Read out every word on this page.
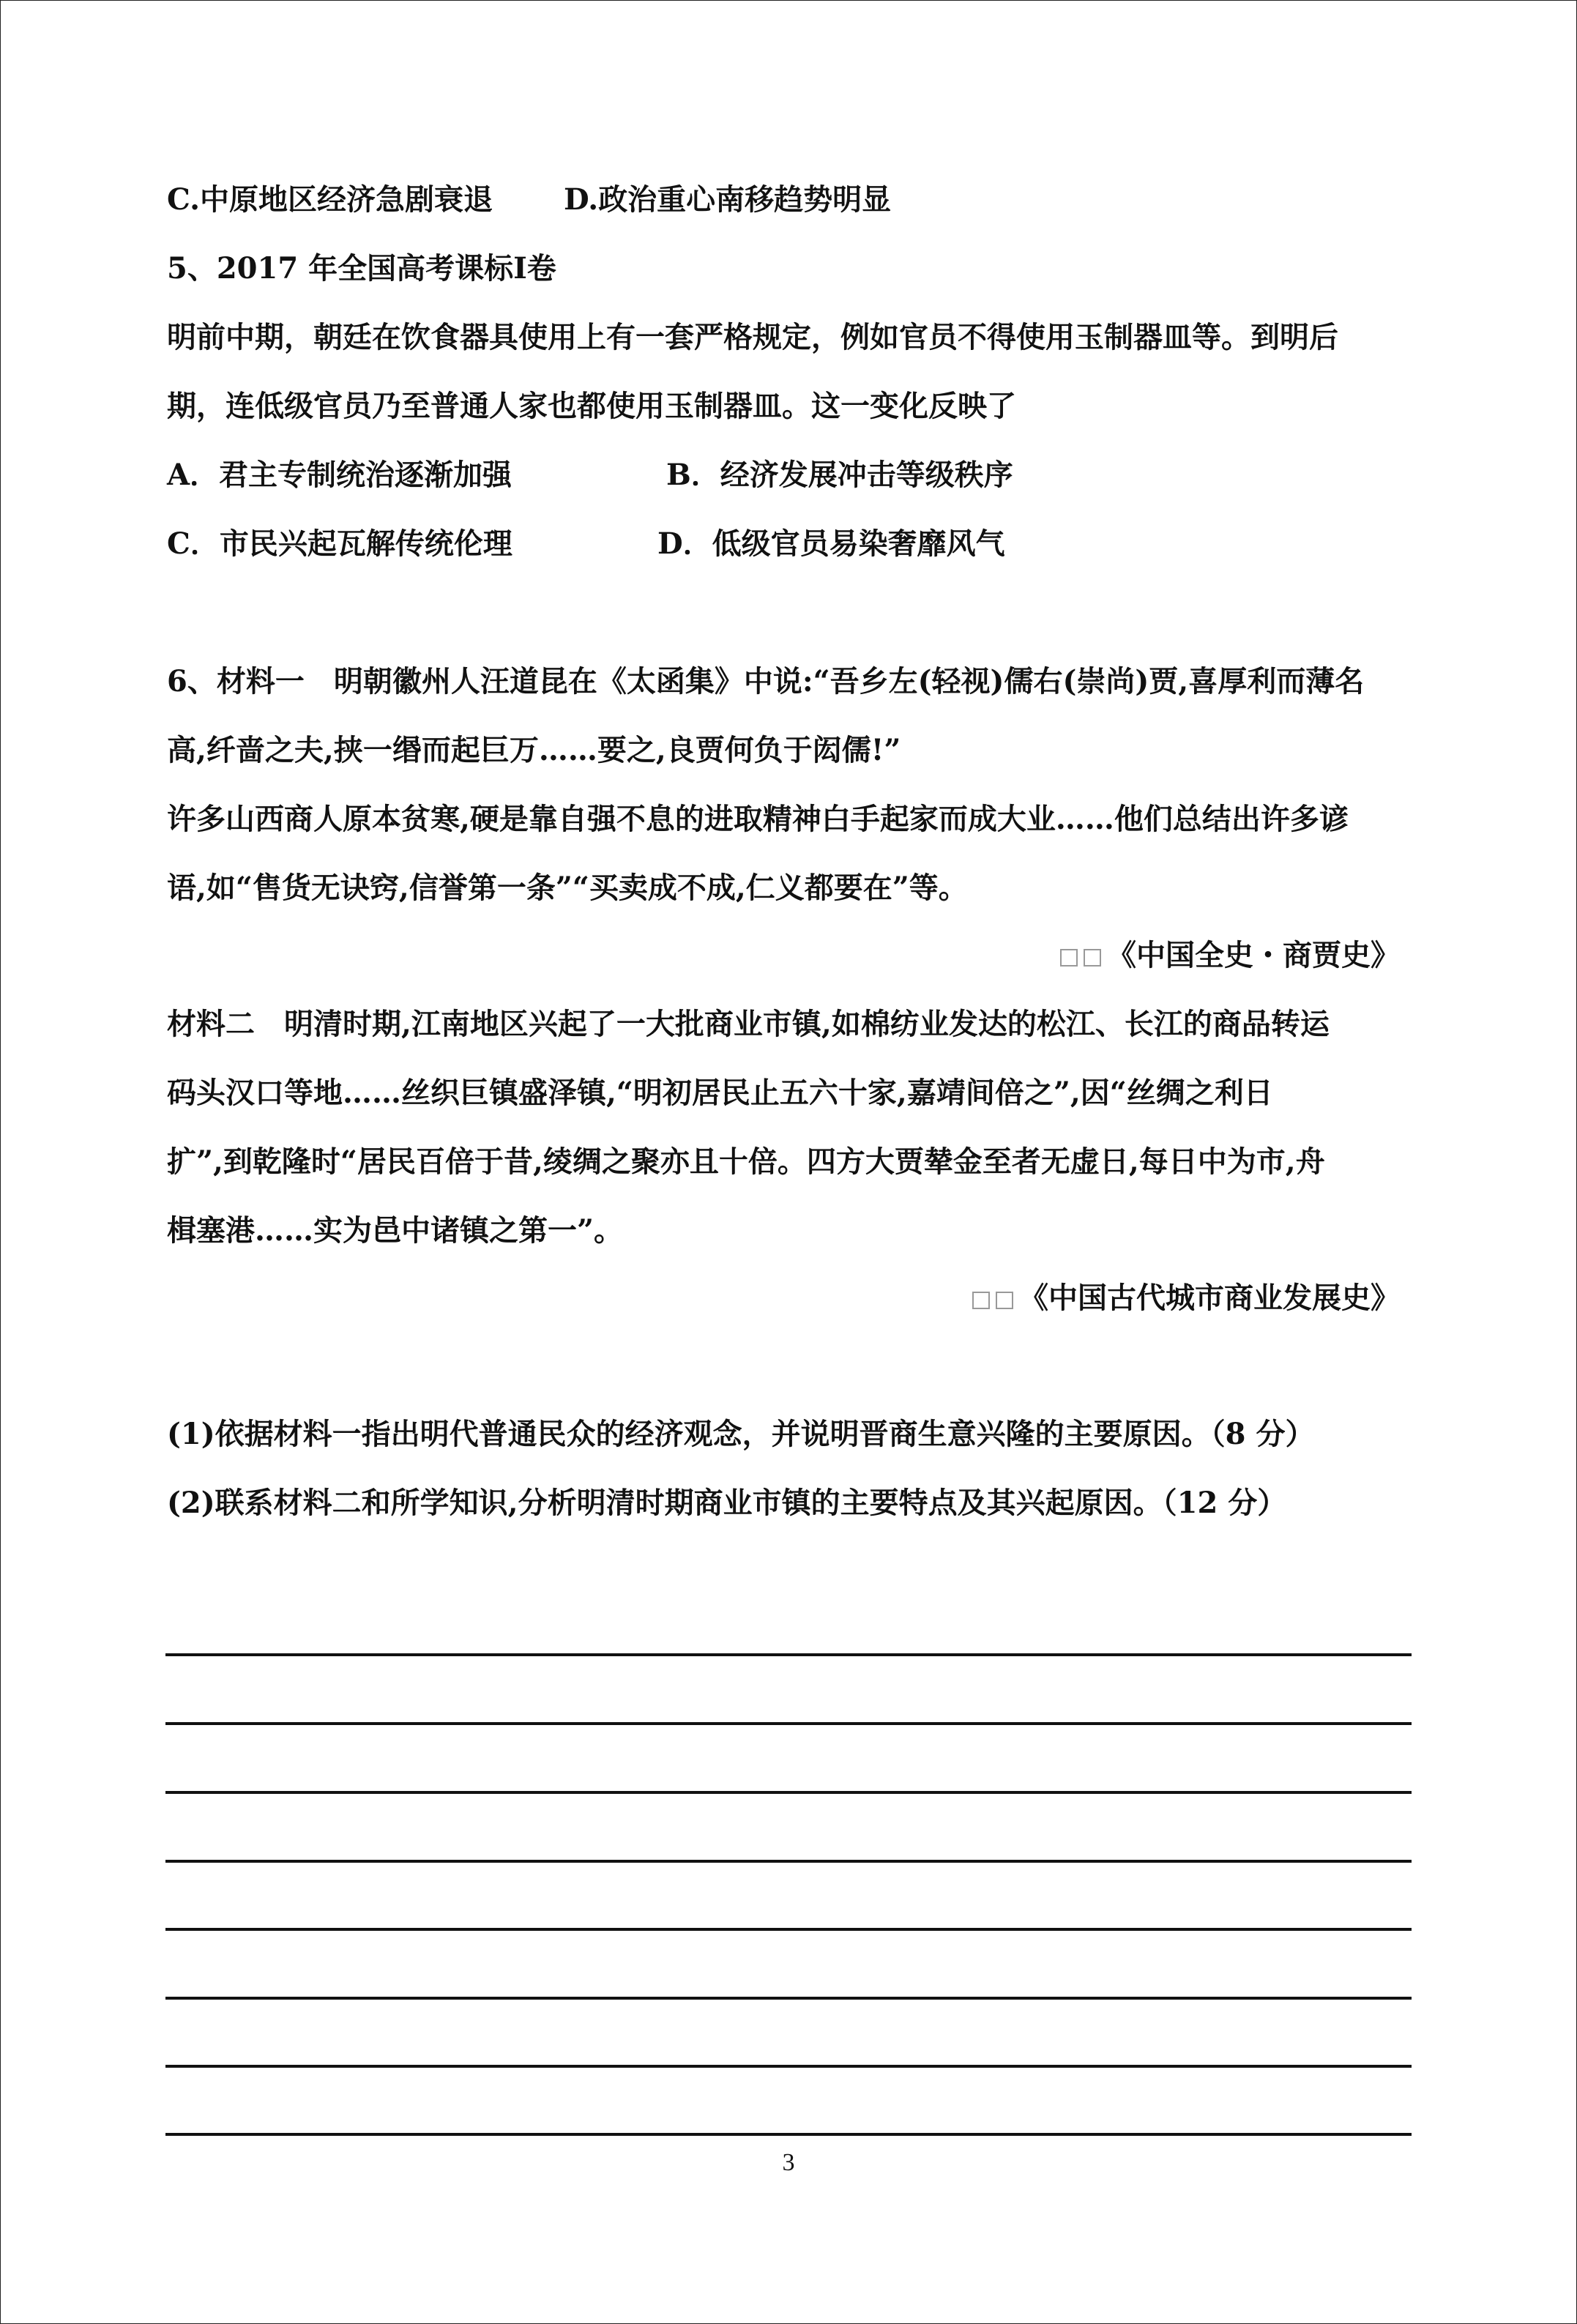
C.中原地区经济急剧衰退 D.政治重心南移趋势明显
5、2017 年全国高考课标Ⅰ卷
明前中期，朝廷在饮食器具使用上有一套严格规定，例如官员不得使用玉制器皿等。到明后
期，连低级官员乃至普通人家也都使用玉制器皿。这一变化反映了
A．君主专制统治逐渐加强	B．经济发展冲击等级秩序
C．市民兴起瓦解传统伦理	D．低级官员易染奢靡风气
6、材料一　明朝徽州人汪道昆在《太函集》中说:“吾乡左(轻视)儒右(崇尚)贾,喜厚利而薄名
高,纤啬之夫,挟一缗而起巨万……要之,良贾何负于闳儒!”
许多山西商人原本贫寒,硬是靠自强不息的进取精神白手起家而成大业……他们总结出许多谚
语,如“售货无诀窍,信誉第一条”“买卖成不成,仁义都要在”等。
《中国全史・商贾史》
材料二　明清时期,江南地区兴起了一大批商业市镇,如棉纺业发达的松江、长江的商品转运
码头汉口等地……丝织巨镇盛泽镇,“明初居民止五六十家,嘉靖间倍之”,因“丝绸之利日
扩”,到乾隆时“居民百倍于昔,绫绸之聚亦且十倍。四方大贾辇金至者无虚日,每日中为市,舟
楫塞港……实为邑中诸镇之第一”。
《中国古代城市商业发展史》
(1)依据材料一指出明代普通民众的经济观念，并说明晋商生意兴隆的主要原因。（8 分）
(2)联系材料二和所学知识,分析明清时期商业市镇的主要特点及其兴起原因。（12 分）
3
